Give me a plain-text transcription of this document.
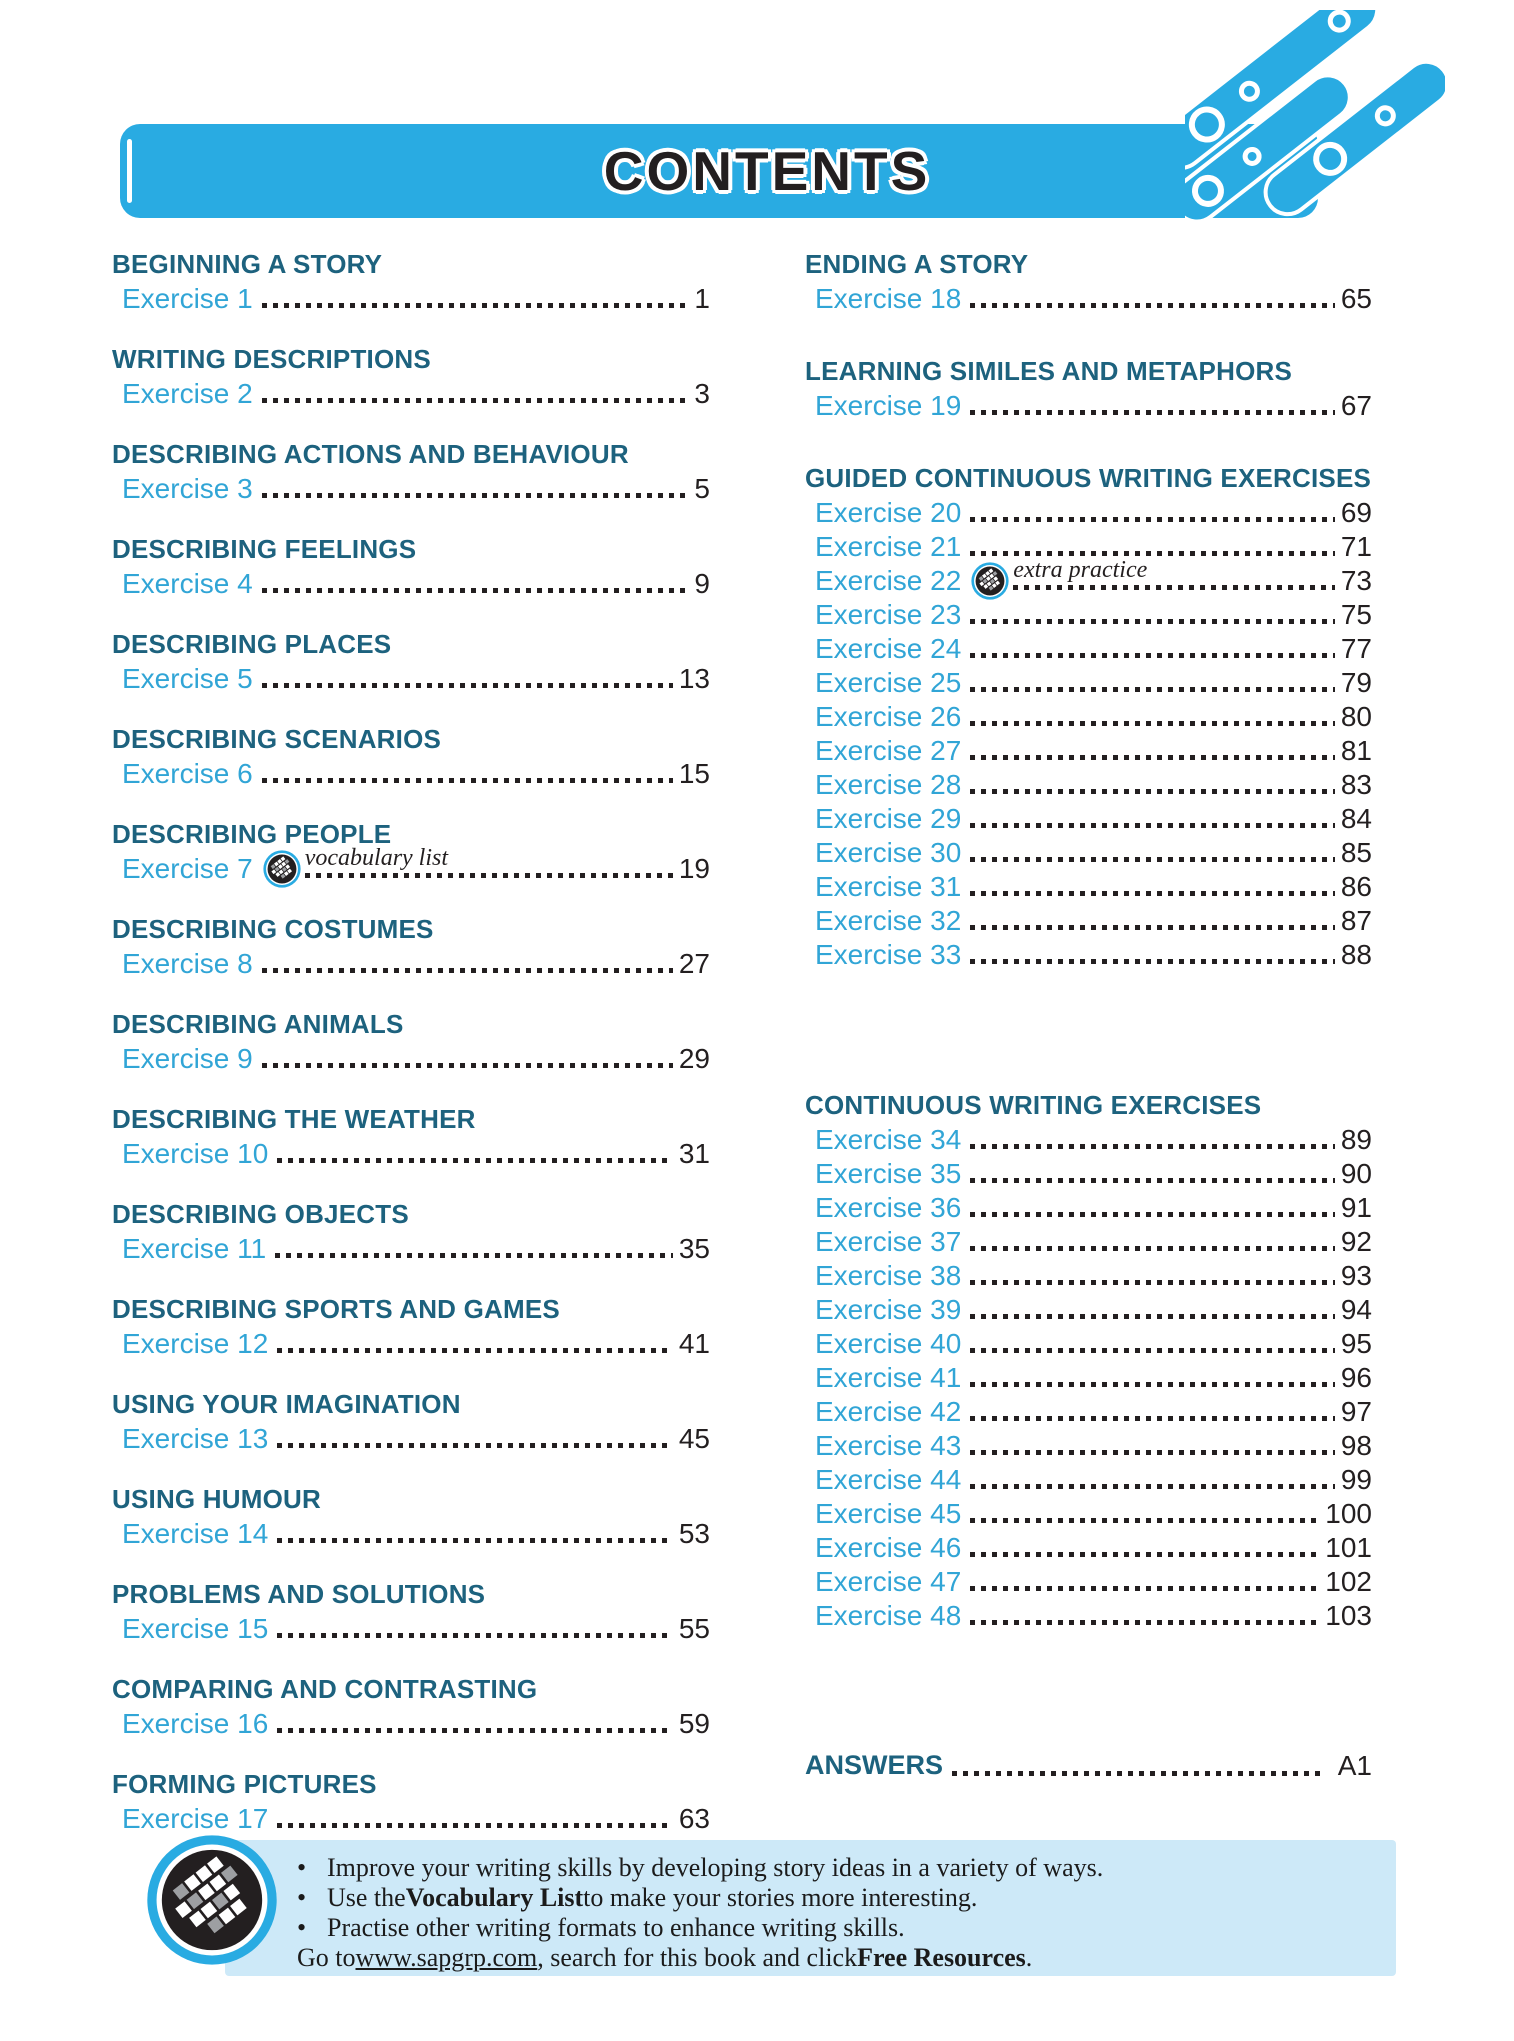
CONTENTS
BEGINNING A STORY
Exercise 1	1
WRITING DESCRIPTIONS
Exercise 2	3
DESCRIBING ACTIONS AND BEHAVIOUR
Exercise 3	5
DESCRIBING FEELINGS
Exercise 4	9
DESCRIBING PLACES
Exercise 5	13
DESCRIBING SCENARIOS
Exercise 6	15
DESCRIBING PEOPLE
Exercise 7 vocabulary list	19
DESCRIBING COSTUMES
Exercise 8	27
DESCRIBING ANIMALS
Exercise 9	29
DESCRIBING THE WEATHER
Exercise 10	31
DESCRIBING OBJECTS
Exercise 11	35
DESCRIBING SPORTS AND GAMES
Exercise 12	41
USING YOUR IMAGINATION
Exercise 13	45
USING HUMOUR
Exercise 14	53
PROBLEMS AND SOLUTIONS
Exercise 15	55
COMPARING AND CONTRASTING
Exercise 16	59
FORMING PICTURES
Exercise 17	63
ENDING A STORY
Exercise 18	65
LEARNING SIMILES AND METAPHORS
Exercise 19	67
GUIDED CONTINUOUS WRITING EXERCISES
Exercise 20	69
Exercise 21	71
Exercise 22 extra practice	73
Exercise 23	75
Exercise 24	77
Exercise 25	79
Exercise 26	80
Exercise 27	81
Exercise 28	83
Exercise 29	84
Exercise 30	85
Exercise 31	86
Exercise 32	87
Exercise 33	88
CONTINUOUS WRITING EXERCISES
Exercise 34	89
Exercise 35	90
Exercise 36	91
Exercise 37	92
Exercise 38	93
Exercise 39	94
Exercise 40	95
Exercise 41	96
Exercise 42	97
Exercise 43	98
Exercise 44	99
Exercise 45	100
Exercise 46	101
Exercise 47	102
Exercise 48	103
ANSWERS	A1
• Improve your writing skills by developing story ideas in a variety of ways.
• Use the Vocabulary List to make your stories more interesting.
• Practise other writing formats to enhance writing skills.
Go to www.sapgrp.com , search for this book and click Free Resources .
